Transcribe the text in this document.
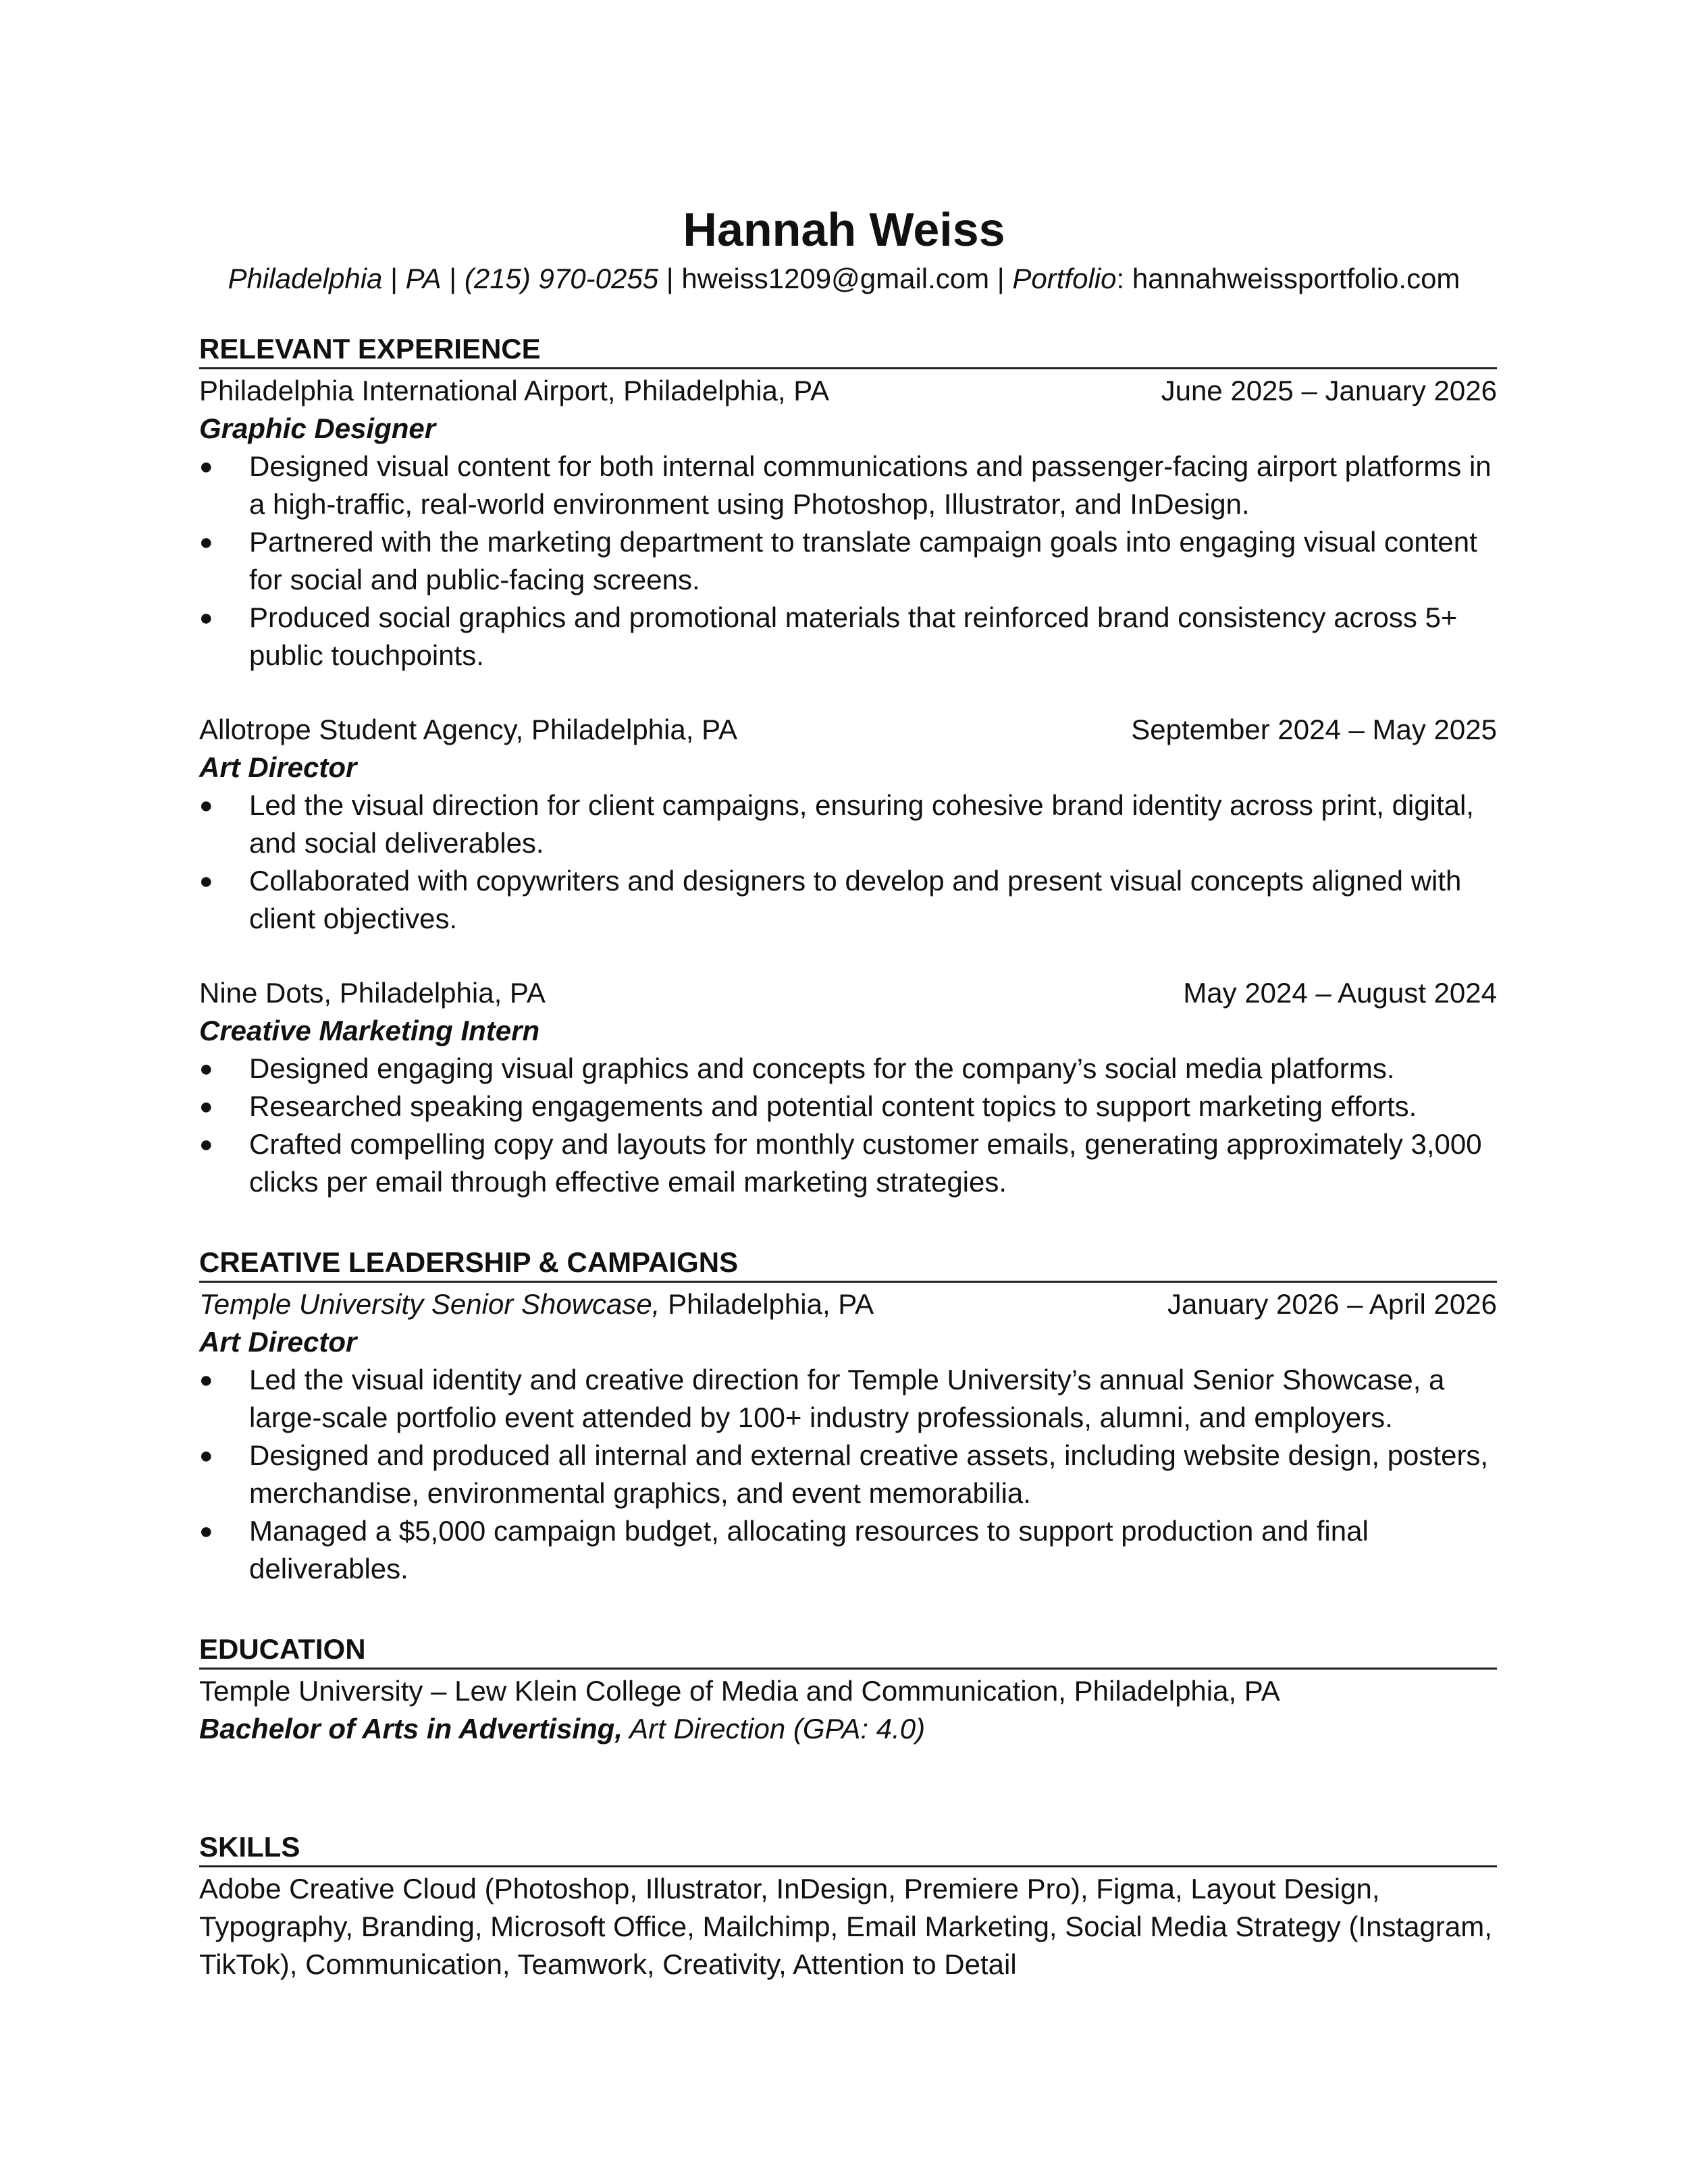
Hannah Weiss
Philadelphia | PA | (215) 970-0255 | hweiss1209@gmail.com | Portfolio: hannahweissportfolio.com
RELEVANT EXPERIENCE
Philadelphia International Airport, Philadelphia, PA	June 2025 – January 2026
Graphic Designer
●	Designed visual content for both internal communications and passenger-facing airport platforms in a high-traffic, real-world environment using Photoshop, Illustrator, and InDesign.
●	Partnered with the marketing department to translate campaign goals into engaging visual content for social and public-facing screens.
●	Produced social graphics and promotional materials that reinforced brand consistency across 5+ public touchpoints.
Allotrope Student Agency, Philadelphia, PA	September 2024 – May 2025
Art Director
●	Led the visual direction for client campaigns, ensuring cohesive brand identity across print, digital, and social deliverables.
●	Collaborated with copywriters and designers to develop and present visual concepts aligned with client objectives.
Nine Dots, Philadelphia, PA	May 2024 – August 2024
Creative Marketing Intern
●	Designed engaging visual graphics and concepts for the company’s social media platforms.
●	Researched speaking engagements and potential content topics to support marketing efforts.
●	Crafted compelling copy and layouts for monthly customer emails, generating approximately 3,000 clicks per email through effective email marketing strategies.
CREATIVE LEADERSHIP & CAMPAIGNS
Temple University Senior Showcase, Philadelphia, PA	January 2026 – April 2026
Art Director
●	Led the visual identity and creative direction for Temple University’s annual Senior Showcase, a large-scale portfolio event attended by 100+ industry professionals, alumni, and employers.
●	Designed and produced all internal and external creative assets, including website design, posters, merchandise, environmental graphics, and event memorabilia.
●	Managed a $5,000 campaign budget, allocating resources to support production and final deliverables.
EDUCATION
Temple University – Lew Klein College of Media and Communication, Philadelphia, PA
Bachelor of Arts in Advertising, Art Direction (GPA: 4.0)
SKILLS
Adobe Creative Cloud (Photoshop, Illustrator, InDesign, Premiere Pro), Figma, Layout Design, Typography, Branding, Microsoft Office, Mailchimp, Email Marketing, Social Media Strategy (Instagram, TikTok), Communication, Teamwork, Creativity, Attention to Detail
